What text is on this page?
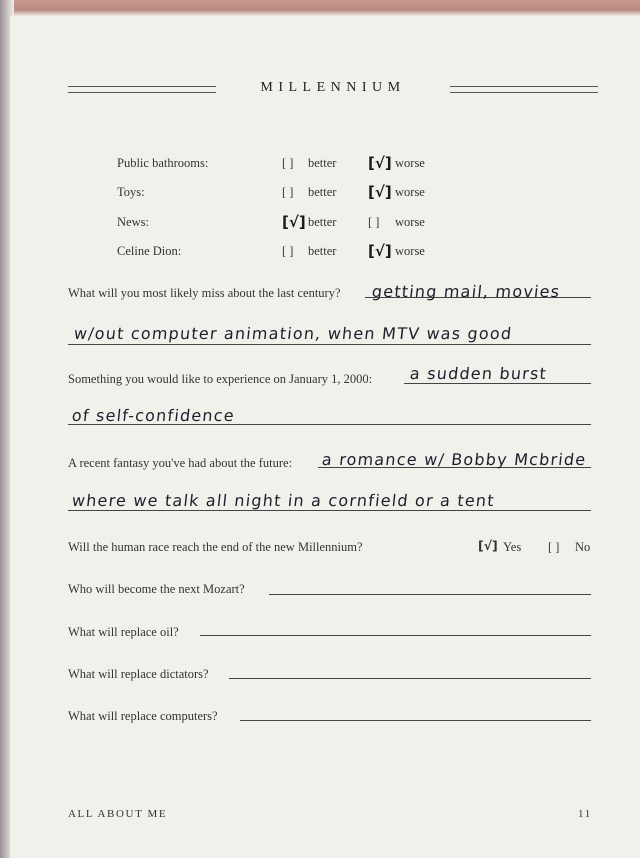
MILLENNIUM
Public bathrooms:	[ ] better [√] worse
Toys:	[ ] better [√] worse
News:	[√] better	[ ] worse
Celine Dion:	[ ] better [√] worse
What will you most likely miss about the last century? getting mail, movies
w/out computer animation, when MTV was good
Something you would like to experience on January 1, 2000: a sudden burst
of self-confidence
A recent fantasy you've had about the future: a romance w/ Bobby Mcbride
where we talk all night in a cornfield or a tent
Will the human race reach the end of the new Millennium?	[√] Yes [ ] No
Who will become the next Mozart?
What will replace oil?
What will replace dictators?
What will replace computers?
ALL ABOUT ME	11
